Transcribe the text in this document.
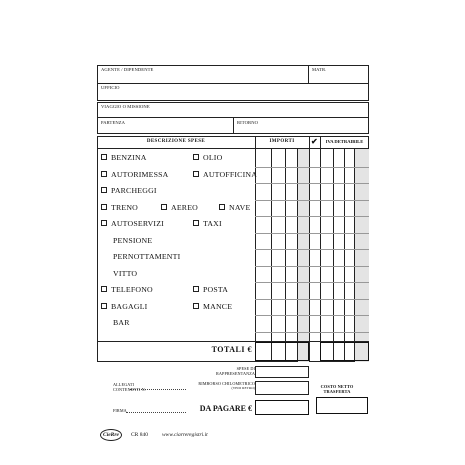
AGENTE / DIPENDENTE	MATR.
UFFICIO
VIAGGIO O MISSIONE
PARTENZA	RITORNO
DESCRIZIONE SPESE	IMPORTI	✔	IVA DETRAIBILE
BENZINA	OLIO
AUTORIMESSA	AUTOFFICINA
PARCHEGGI
TRENO	AEREO	NAVE
AUTOSERVIZI	TAXI
PENSIONE
PERNOTTAMENTI
VITTO
TELEFONO	POSTA
BAGAGLI	MANCE
BAR
TOTALI €
SPESE DI RAPPRESENTANZA
ALLEGATI CONTENENTI N.
RIMBORSO CHILOMETRICO
(VEDI RETRO)	COSTO NETTO TRASFERTA
FIRMA	DA PAGARE €
CieRre	CR 840	www.ciarreregistri.it
